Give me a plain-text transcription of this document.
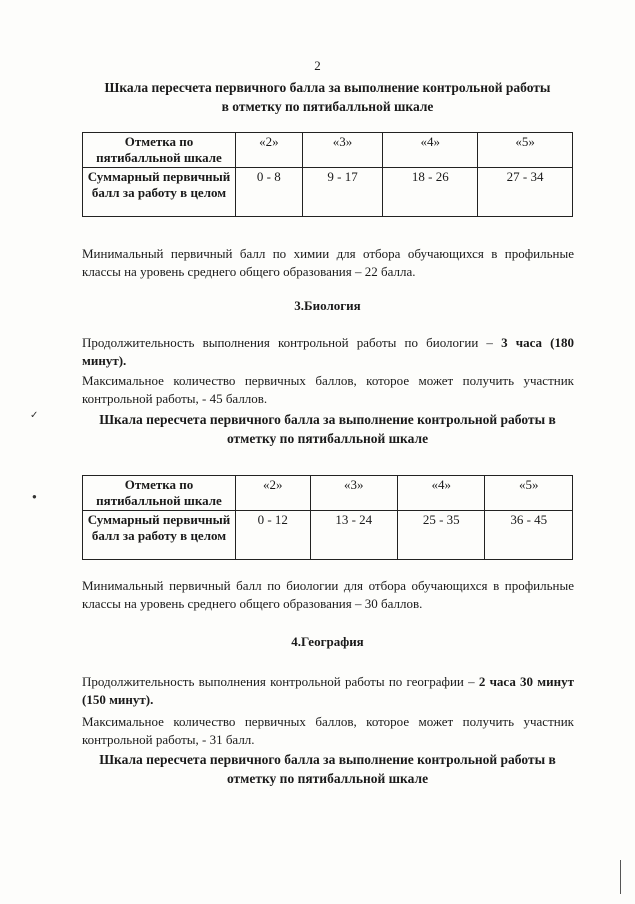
2
Шкала пересчета первичного балла за выполнение контрольной работы
в отметку по пятибалльной шкале
Отметка по пятибалльной шкале	«2»	«3»	«4»	«5»
Суммарный первичный балл за работу в целом	0 - 8	9 - 17	18 - 26	27 - 34
Минимальный первичный балл по химии для отбора обучающихся в профильные классы на уровень среднего общего образования – 22 балла.
3.Биология
Продолжительность выполнения контрольной работы по биологии – 3 часа (180 минут).
Максимальное количество первичных баллов, которое может получить участник контрольной работы, - 45 баллов.
Шкала пересчета первичного балла за выполнение контрольной работы в
отметку по пятибалльной шкале
Отметка по пятибалльной шкале	«2»	«3»	«4»	«5»
Суммарный первичный балл за работу в целом	0 - 12	13 - 24	25 - 35	36 - 45
Минимальный первичный балл по биологии для отбора обучающихся в профильные классы на уровень среднего общего образования – 30 баллов.
4.География
Продолжительность выполнения контрольной работы по географии – 2 часа 30 минут (150 минут).
Максимальное количество первичных баллов, которое может получить участник контрольной работы, - 31 балл.
Шкала пересчета первичного балла за выполнение контрольной работы в
отметку по пятибалльной шкале
✓
●
